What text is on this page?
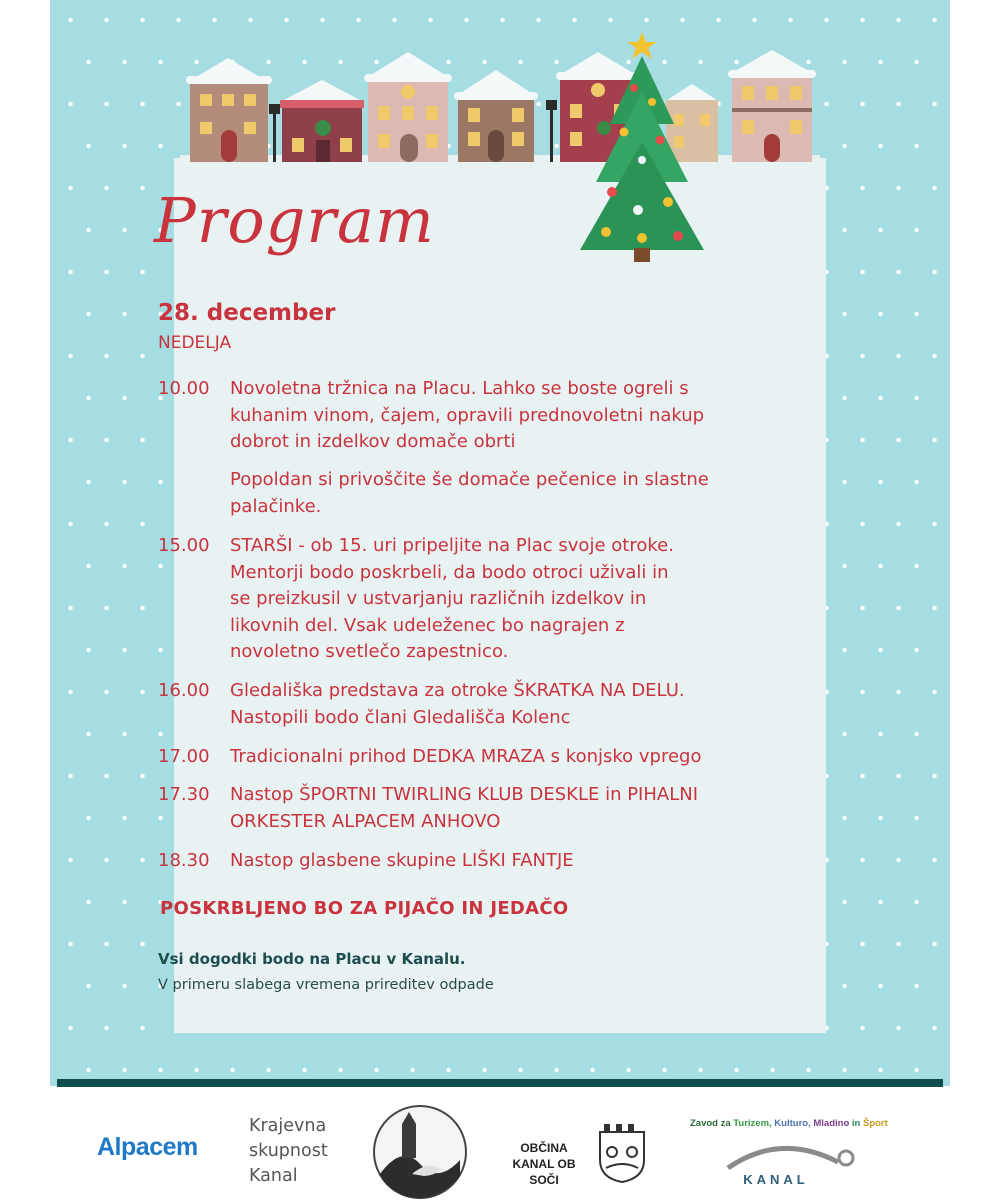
Program
28. december
NEDELJA
10.00	Novoletna tržnica na Placu. Lahko se boste ogreli s
kuhanim vinom, čajem, opravili prednovoletni nakup
dobrot in izdelkov domače obrti
Popoldan si privoščite še domače pečenice in slastne
palačinke.
15.00	STARŠI - ob 15. uri pripeljite na Plac svoje otroke.
Mentorji bodo poskrbeli, da bodo otroci uživali in
se preizkusil v ustvarjanju različnih izdelkov in
likovnih del. Vsak udeleženec bo nagrajen z
novoletno svetlečo zapestnico.
16.00	Gledališka predstava za otroke ŠKRATKA NA DELU.
Nastopili bodo člani Gledališča Kolenc
17.00	Tradicionalni prihod DEDKA MRAZA s konjsko vprego
17.30	Nastop ŠPORTNI TWIRLING KLUB DESKLE in PIHALNI
ORKESTER ALPACEM ANHOVO
18.30	Nastop glasbene skupine LIŠKI FANTJE
POSKRBLJENO BO ZA PIJAČO IN JEDAČO
Vsi dogodki bodo na Placu v Kanalu.
V primeru slabega vremena prireditev odpade
Alpacem
Krajevna
skupnost
Kanal
OBČINA
KANAL OB SOČI
Zavod za Turizem, Kulturo, Mladino in Šport
KANAL
